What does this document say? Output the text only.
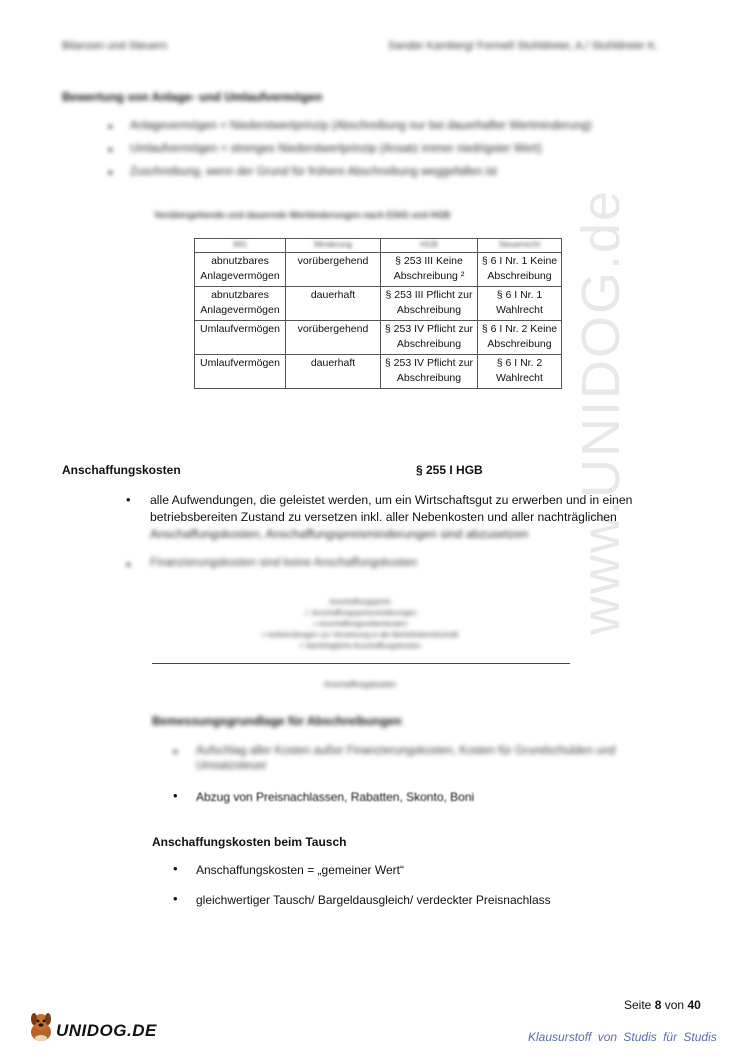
Bilanzen und Steuern	Sander Kamberg/ Formell Stuhldreier, A./ Stuhldreier K.
www.UNIDOG.de
Bewertung von Anlage- und Umlaufvermögen
• Anlagevermögen = Niederstwertprinzip (Abschreibung nur bei dauerhafter Wertminderung)
• Umlaufvermögen = strenges Niederstwertprinzip (Ansatz immer niedrigster Wert)
• Zuschreibung, wenn der Grund für frühere Abschreibung weggefallen ist
Vorübergehende und dauernde Wertänderungen nach EStG und HGB
WG	Minderung	HGB	Steuerrecht
abnutzbares Anlagevermögen	vorübergehend	§ 253 III Keine Abschreibung ²	§ 6 I Nr. 1 Keine Abschreibung
abnutzbares Anlagevermögen	dauerhaft	§ 253 III Pflicht zur Abschreibung	§ 6 I Nr. 1 Wahlrecht
Umlaufvermögen	vorübergehend	§ 253 IV Pflicht zur Abschreibung	§ 6 I Nr. 2 Keine Abschreibung
Umlaufvermögen	dauerhaft	§ 253 IV Pflicht zur Abschreibung	§ 6 I Nr. 2 Wahlrecht
Anschaffungskosten	§ 255 I HGB
• alle Aufwendungen, die geleistet werden, um ein Wirtschaftsgut zu erwerben und in einen betriebsbereiten Zustand zu versetzen inkl. aller Nebenkosten und aller nachträglichen Anschaffungskosten, Anschaffungspreisminderungen sind abzusetzen

• Finanzierungskosten sind keine Anschaffungskosten
Anschaffungspreis
./. Anschaffungspreisminderungen
+ Anschaffungsnebenkosten
+ Aufwendungen zur Versetzung in die Betriebsbereitschaft
+ Nachträgliche Anschaffungskosten
Anschaffungskosten
Bemessungsgrundlage für Abschreibungen
• Aufschlag aller Kosten außer Finanzierungskosten, Kosten für Grundschulden und Umsatzsteuer
• Abzug von Preisnachlassen, Rabatten, Skonto, Boni
Anschaffungskosten beim Tausch
• Anschaffungskosten = „gemeiner Wert“
• gleichwertiger Tausch/ Bargeldausgleich/ verdeckter Preisnachlass
Seite 8 von 40
UNIDOG.DE	Klausurstoff von Studis für Studis
